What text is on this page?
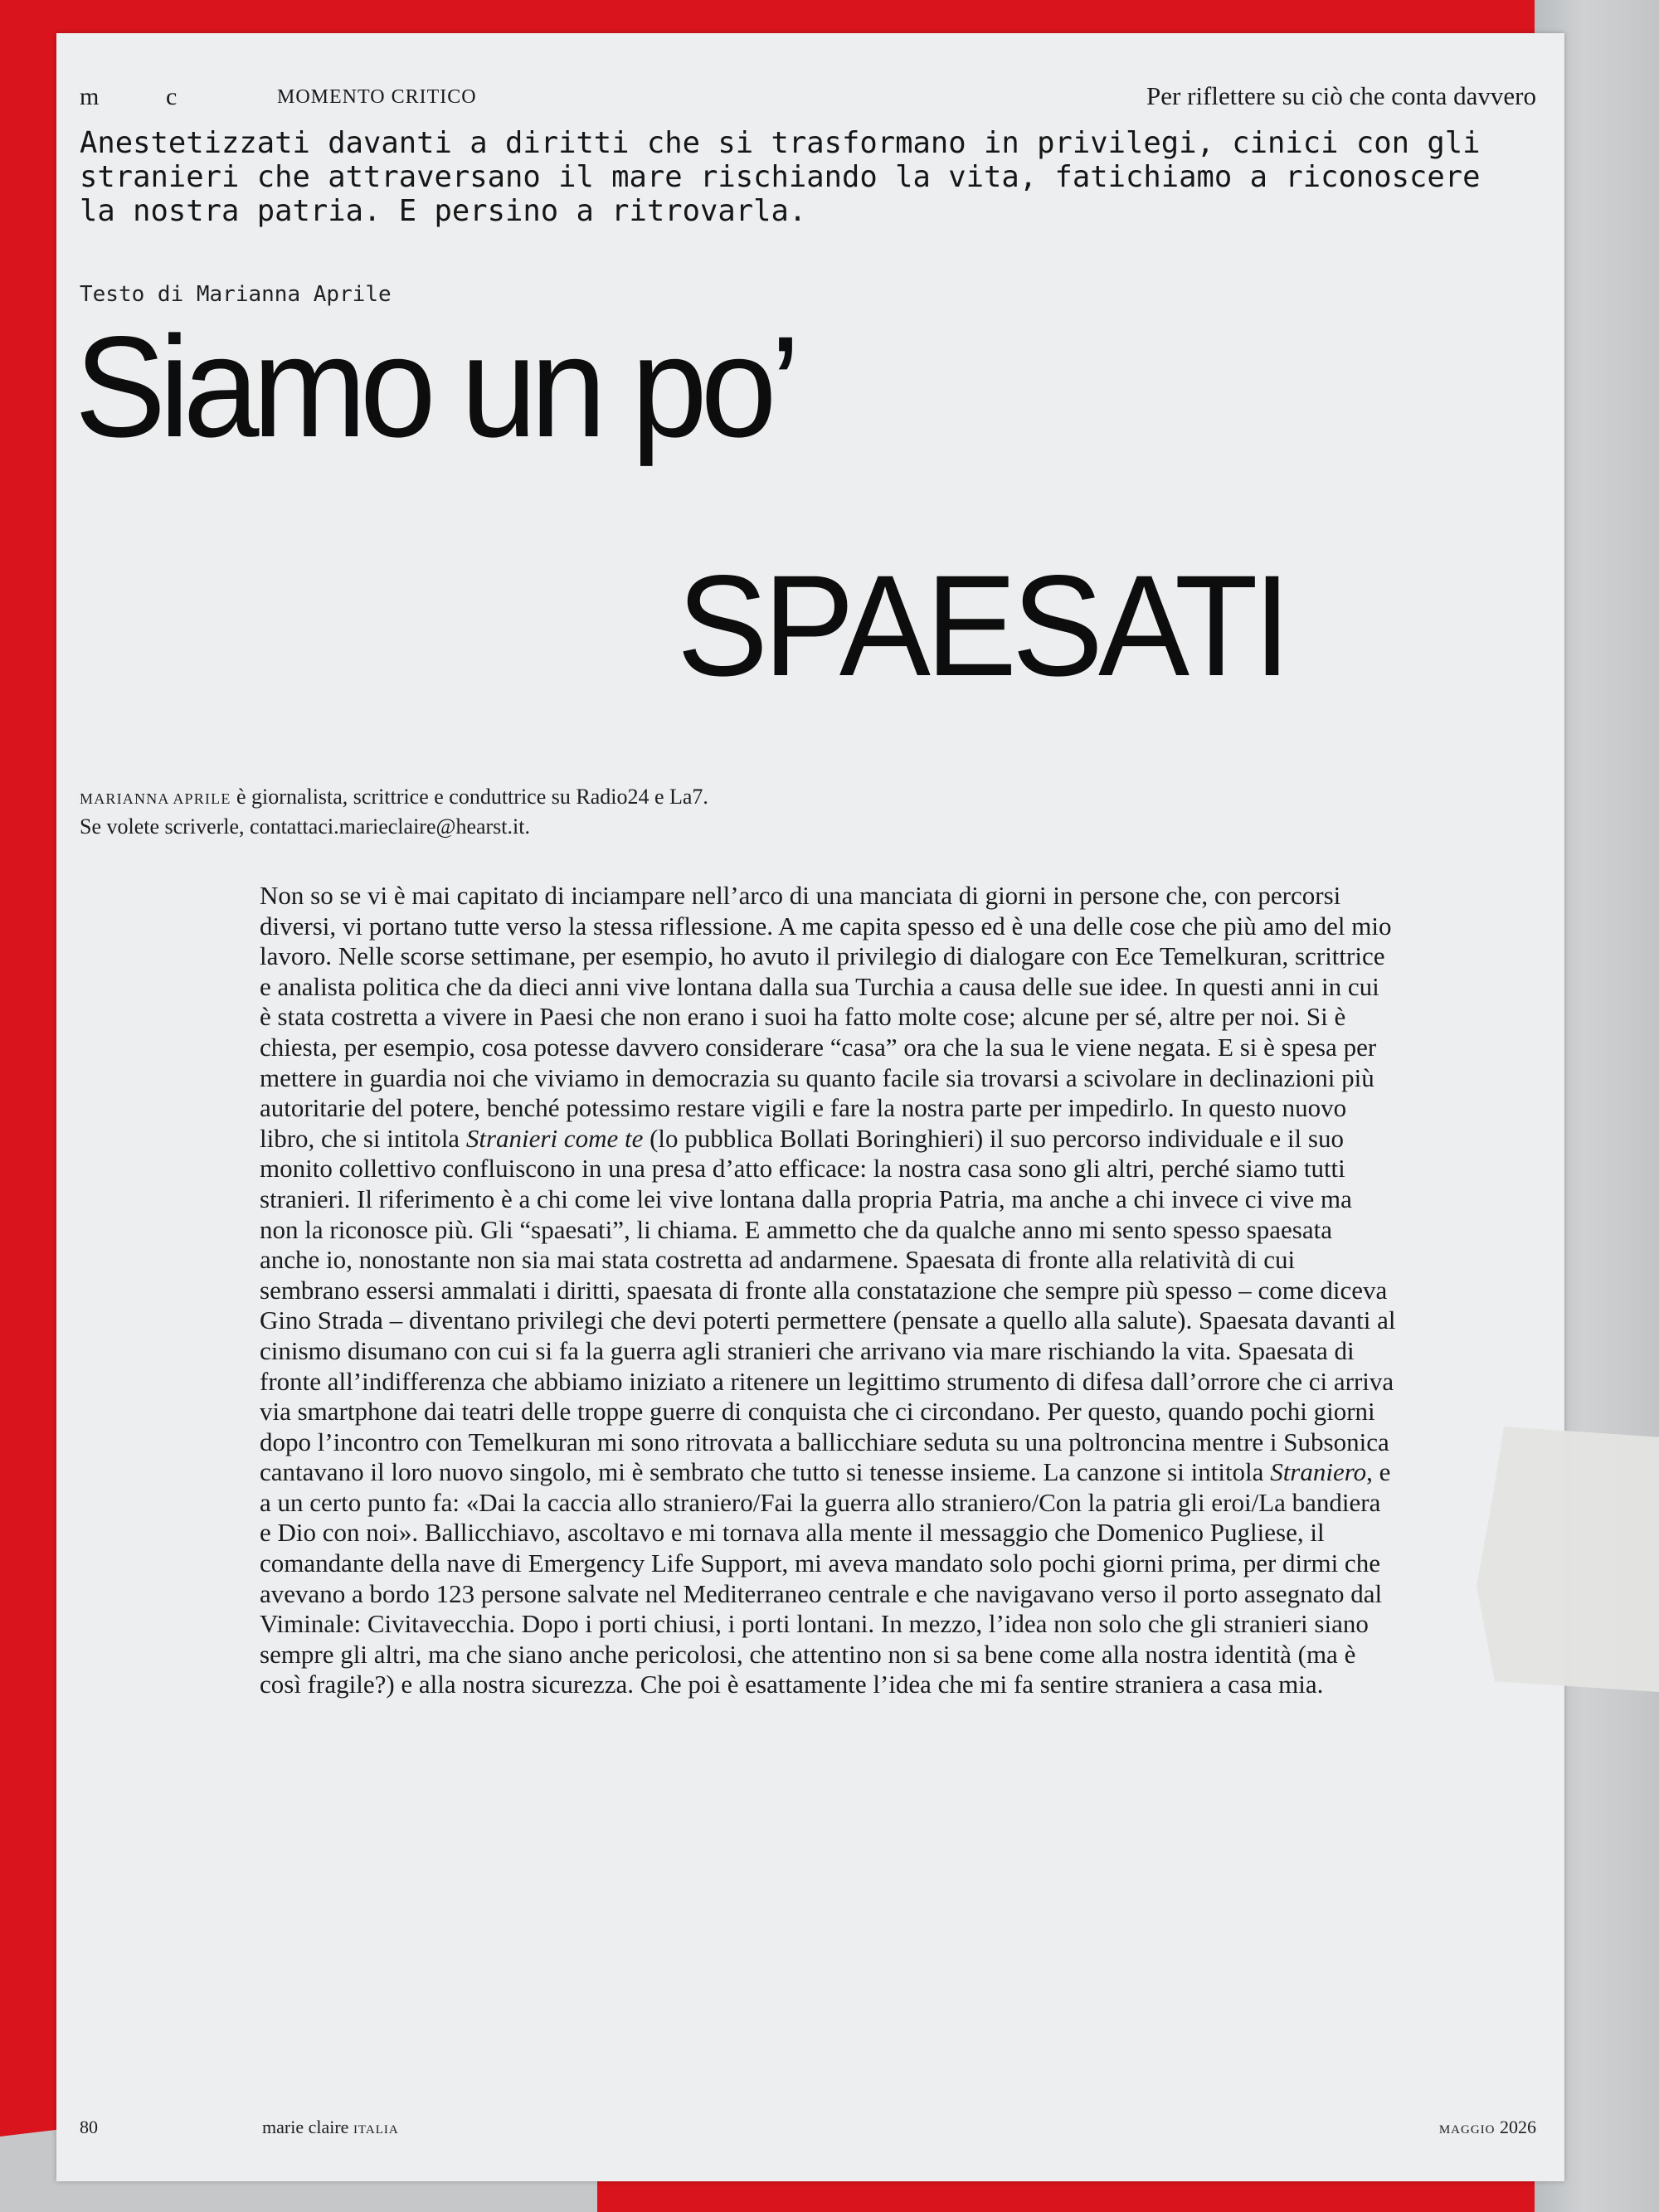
m	c	MOMENTO CRITICO	Per riflettere su ciò che conta davvero

Anestetizzati davanti a diritti che si trasformano in privilegi, cinici con gli stranieri che attraversano il mare rischiando la vita, fatichiamo a riconoscere la nostra patria. E persino a ritrovarla.

Testo di Marianna Aprile
Siamo un po’
SPAESATI
MARIANNA APRILE è giornalista, scrittrice e conduttrice su Radio24 e La7.
Se volete scriverle, contattaci.marieclaire@hearst.it.

Non so se vi è mai capitato di inciampare nell’arco di una manciata di giorni in persone che, con percorsi diversi, vi portano tutte verso la stessa riflessione. A me capita spesso ed è una delle cose che più amo del mio lavoro. Nelle scorse settimane, per esempio, ho avuto il privilegio di dialogare con Ece Temelkuran, scrittrice e analista politica che da dieci anni vive lontana dalla sua Turchia a causa delle sue idee. In questi anni in cui è stata costretta a vivere in Paesi che non erano i suoi ha fatto molte cose; alcune per sé, altre per noi. Si è chiesta, per esempio, cosa potesse davvero considerare “casa” ora che la sua le viene negata. E si è spesa per mettere in guardia noi che viviamo in democrazia su quanto facile sia trovarsi a scivolare in declinazioni più autoritarie del potere, benché potessimo restare vigili e fare la nostra parte per impedirlo. In questo nuovo libro, che si intitola Stranieri come te (lo pubblica Bollati Boringhieri) il suo percorso individuale e il suo monito collettivo confluiscono in una presa d’atto efficace: la nostra casa sono gli altri, perché siamo tutti stranieri. Il riferimento è a chi come lei vive lontana dalla propria Patria, ma anche a chi invece ci vive ma non la riconosce più. Gli “spaesati”, li chiama. E ammetto che da qualche anno mi sento spesso spaesata anche io, nonostante non sia mai stata costretta ad andarmene. Spaesata di fronte alla relatività di cui sembrano essersi ammalati i diritti, spaesata di fronte alla constatazione che sempre più spesso – come diceva Gino Strada – diventano privilegi che devi poterti permettere (pensate a quello alla salute). Spaesata davanti al cinismo disumano con cui si fa la guerra agli stranieri che arrivano via mare rischiando la vita. Spaesata di fronte all’indifferenza che abbiamo iniziato a ritenere un legittimo strumento di difesa dall’orrore che ci arriva via smartphone dai teatri delle troppe guerre di conquista che ci circondano. Per questo, quando pochi giorni dopo l’incontro con Temelkuran mi sono ritrovata a ballicchiare seduta su una poltroncina mentre i Subsonica cantavano il loro nuovo singolo, mi è sembrato che tutto si tenesse insieme. La canzone si intitola Straniero, e a un certo punto fa: «Dai la caccia allo straniero/Fai la guerra allo straniero/Con la patria gli eroi/La bandiera e Dio con noi». Ballicchiavo, ascoltavo e mi tornava alla mente il messaggio che Domenico Pugliese, il comandante della nave di Emergency Life Support, mi aveva mandato solo pochi giorni prima, per dirmi che avevano a bordo 123 persone salvate nel Mediterraneo centrale e che navigavano verso il porto assegnato dal Viminale: Civitavecchia. Dopo i porti chiusi, i porti lontani. In mezzo, l’idea non solo che gli stranieri siano sempre gli altri, ma che siano anche pericolosi, che attentino non si sa bene come alla nostra identità (ma è così fragile?) e alla nostra sicurezza. Che poi è esattamente l’idea che mi fa sentire straniera a casa mia.

80	marie claire ITALIA	MAGGIO 2026
